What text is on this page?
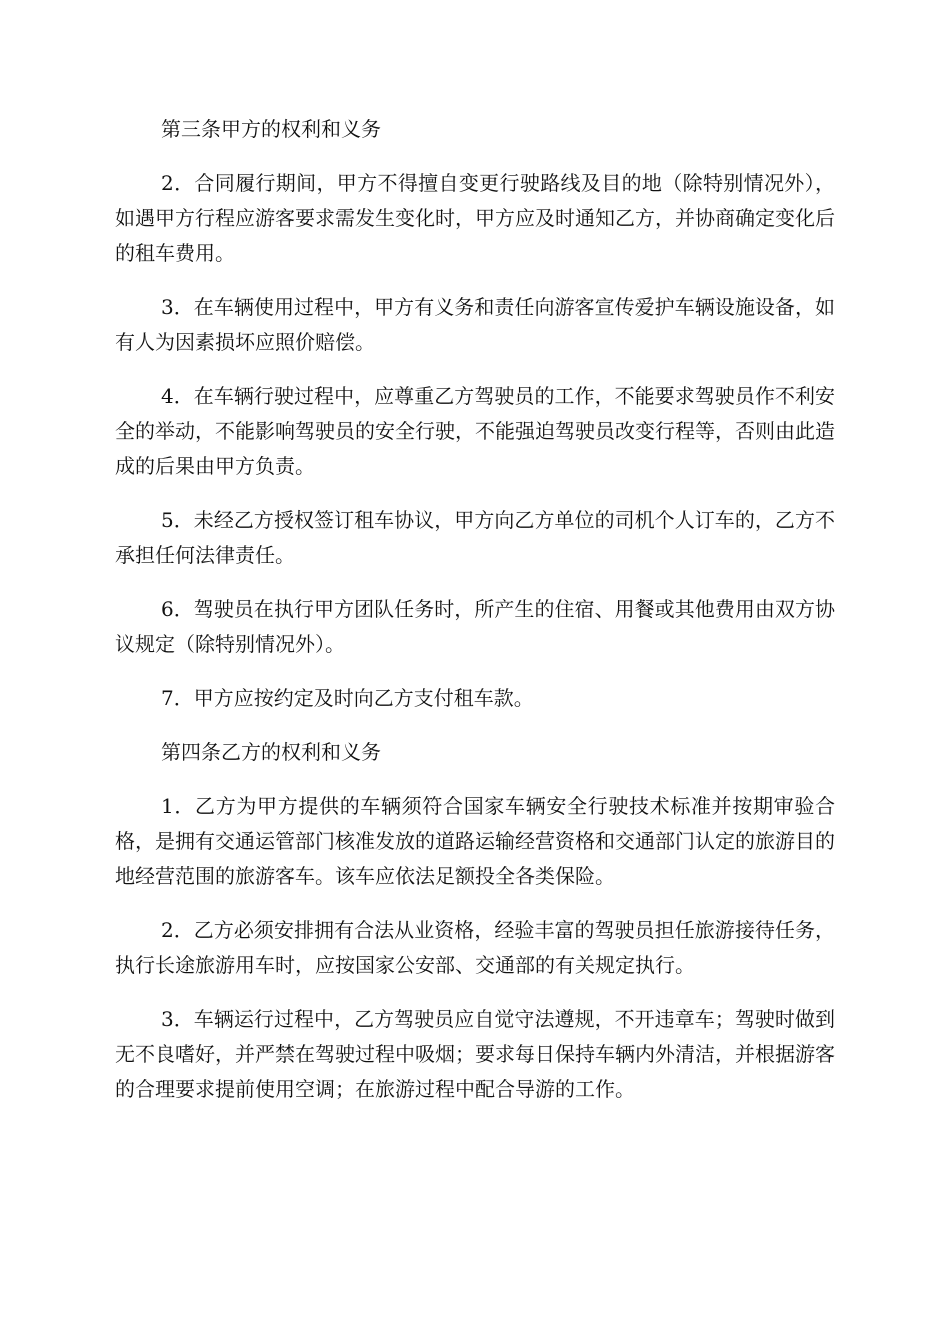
第三条甲方的权利和义务

2．合同履行期间，甲方不得擅自变更行驶路线及目的地（除特别情况外），如遇甲方行程应游客要求需发生变化时，甲方应及时通知乙方，并协商确定变化后的租车费用。

3．在车辆使用过程中，甲方有义务和责任向游客宣传爱护车辆设施设备，如有人为因素损坏应照价赔偿。

4．在车辆行驶过程中，应尊重乙方驾驶员的工作，不能要求驾驶员作不利安全的举动，不能影响驾驶员的安全行驶，不能强迫驾驶员改变行程等，否则由此造成的后果由甲方负责。

5．未经乙方授权签订租车协议，甲方向乙方单位的司机个人订车的，乙方不承担任何法律责任。

6．驾驶员在执行甲方团队任务时，所产生的住宿、用餐或其他费用由双方协议规定（除特别情况外）。

7．甲方应按约定及时向乙方支付租车款。

第四条乙方的权利和义务

1．乙方为甲方提供的车辆须符合国家车辆安全行驶技术标准并按期审验合格，是拥有交通运管部门核准发放的道路运输经营资格和交通部门认定的旅游目的地经营范围的旅游客车。该车应依法足额投全各类保险。

2．乙方必须安排拥有合法从业资格，经验丰富的驾驶员担任旅游接待任务，执行长途旅游用车时，应按国家公安部、交通部的有关规定执行。

3．车辆运行过程中，乙方驾驶员应自觉守法遵规，不开违章车；驾驶时做到无不良嗜好，并严禁在驾驶过程中吸烟；要求每日保持车辆内外清洁，并根据游客的合理要求提前使用空调；在旅游过程中配合导游的工作。
